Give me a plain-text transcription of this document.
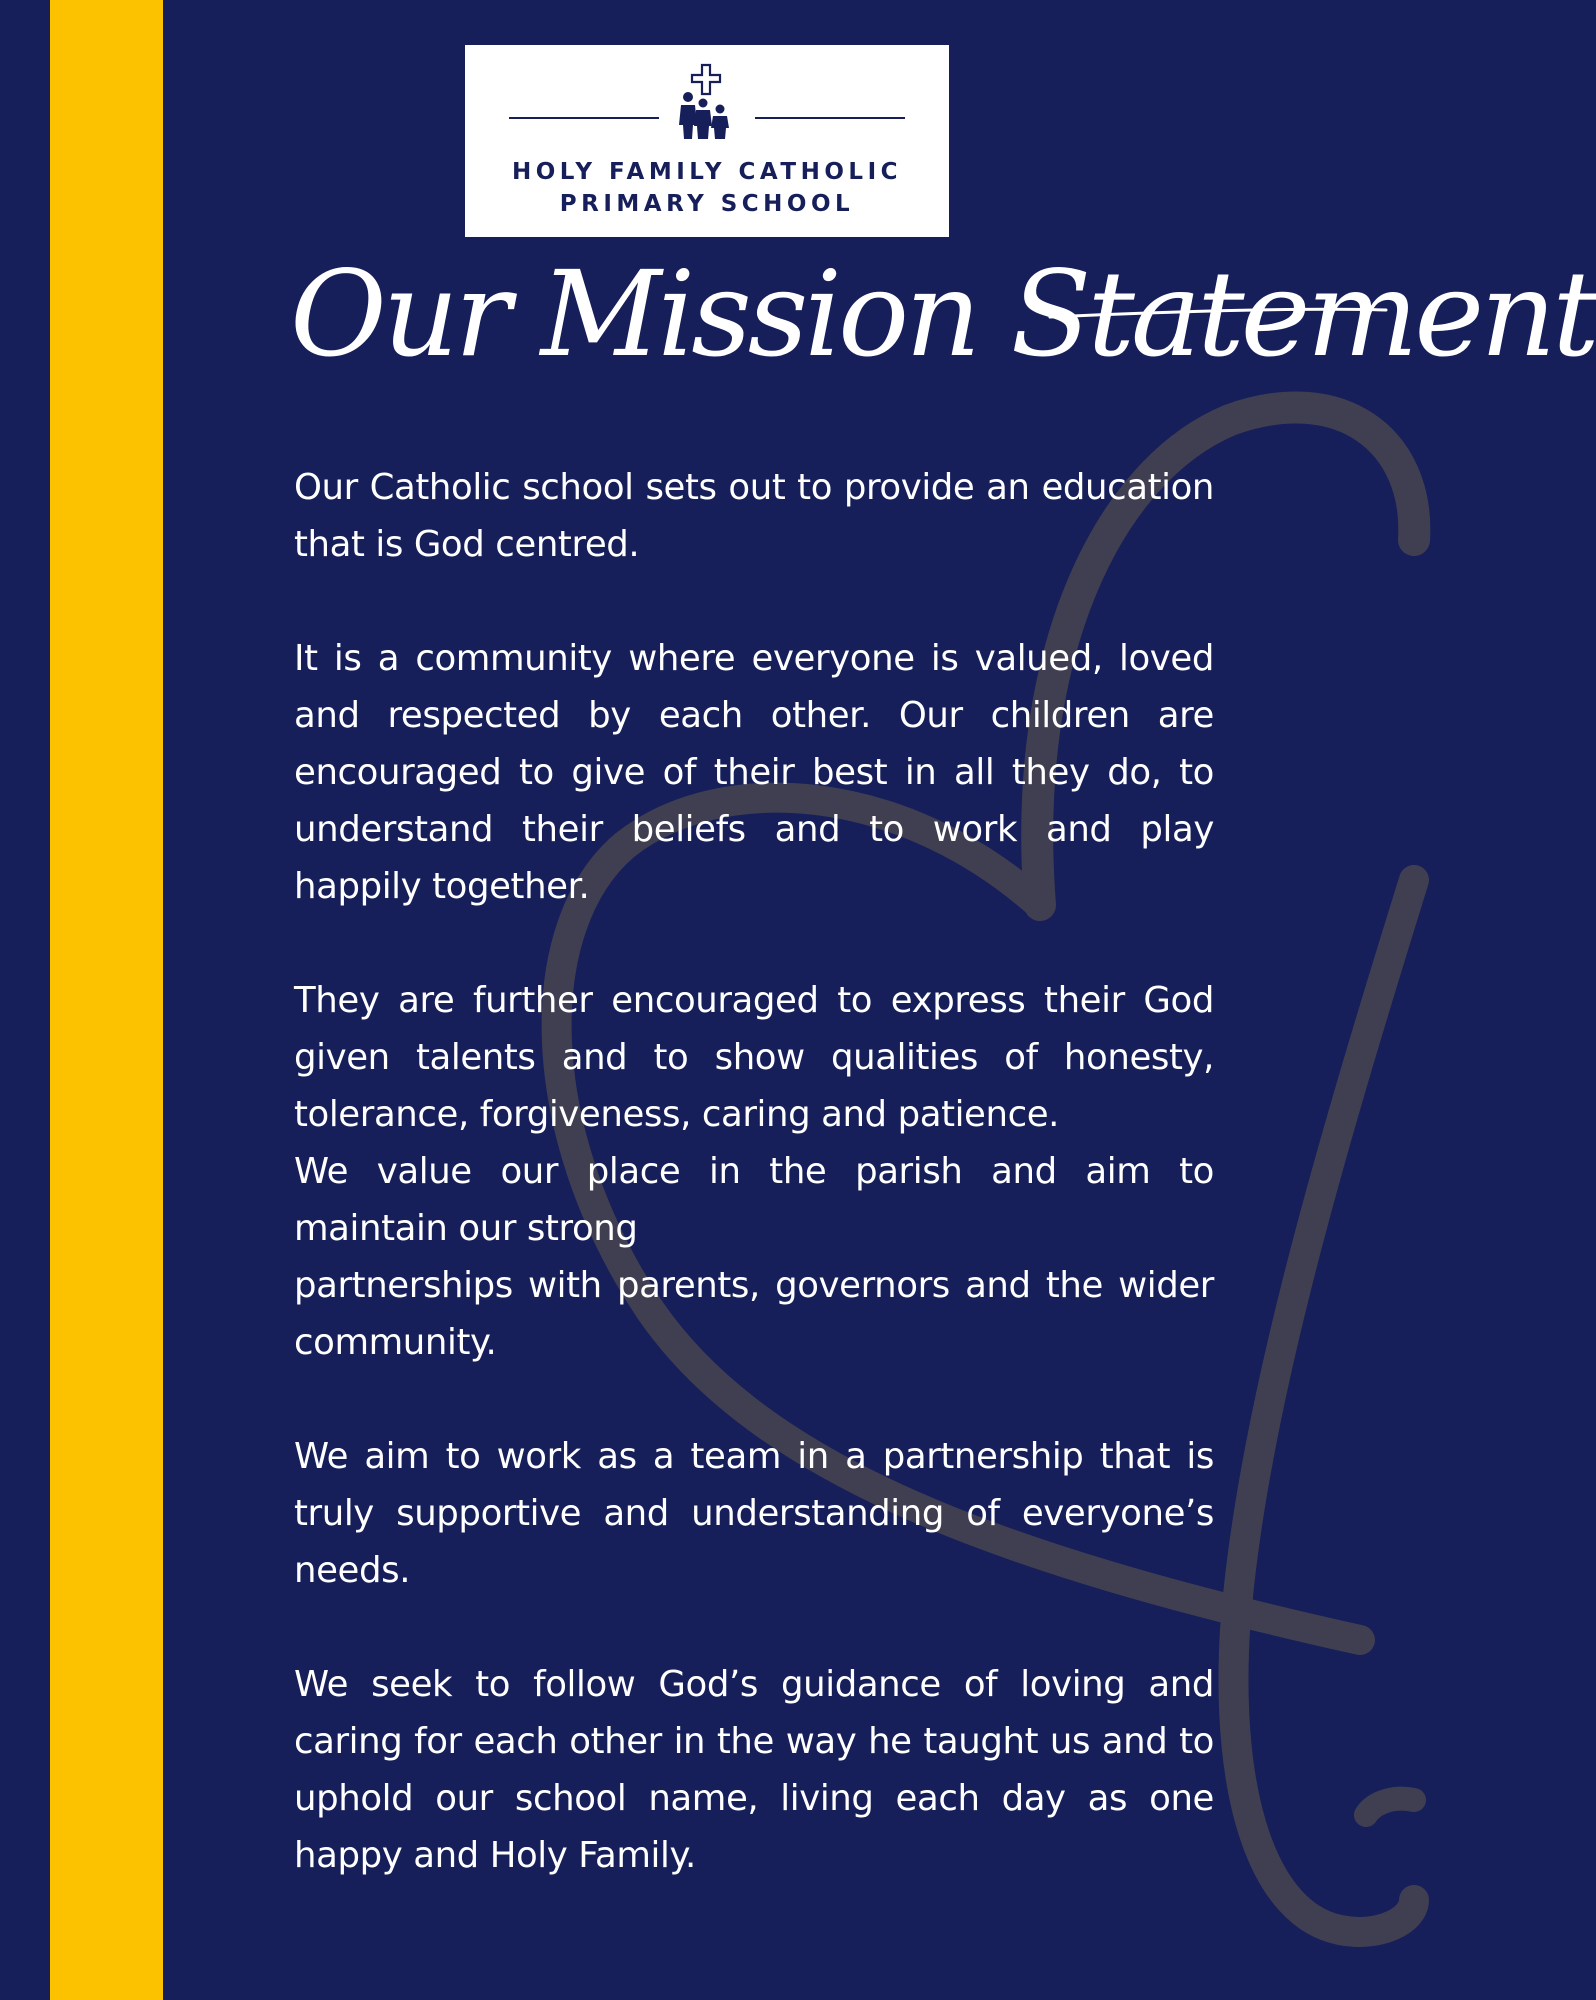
HOLY FAMILY CATHOLIC
PRIMARY SCHOOL
Our Mission Statement

Our Catholic school sets out to provide an education that is God centred.

It is a community where everyone is valued, loved and respected by each other. Our children are encouraged to give of their best in all they do, to understand their beliefs and to work and play happily together.

They are further encouraged to express their God given talents and to show qualities of honesty, tolerance, forgiveness, caring and patience.

We value our place in the parish and aim to maintain our strong

partnerships with parents, governors and the wider community.

We aim to work as a team in a partnership that is truly supportive and understanding of everyone’s needs.

We seek to follow God’s guidance of loving and caring for each other in the way he taught us and to uphold our school name, living each day as one happy and Holy Family.
